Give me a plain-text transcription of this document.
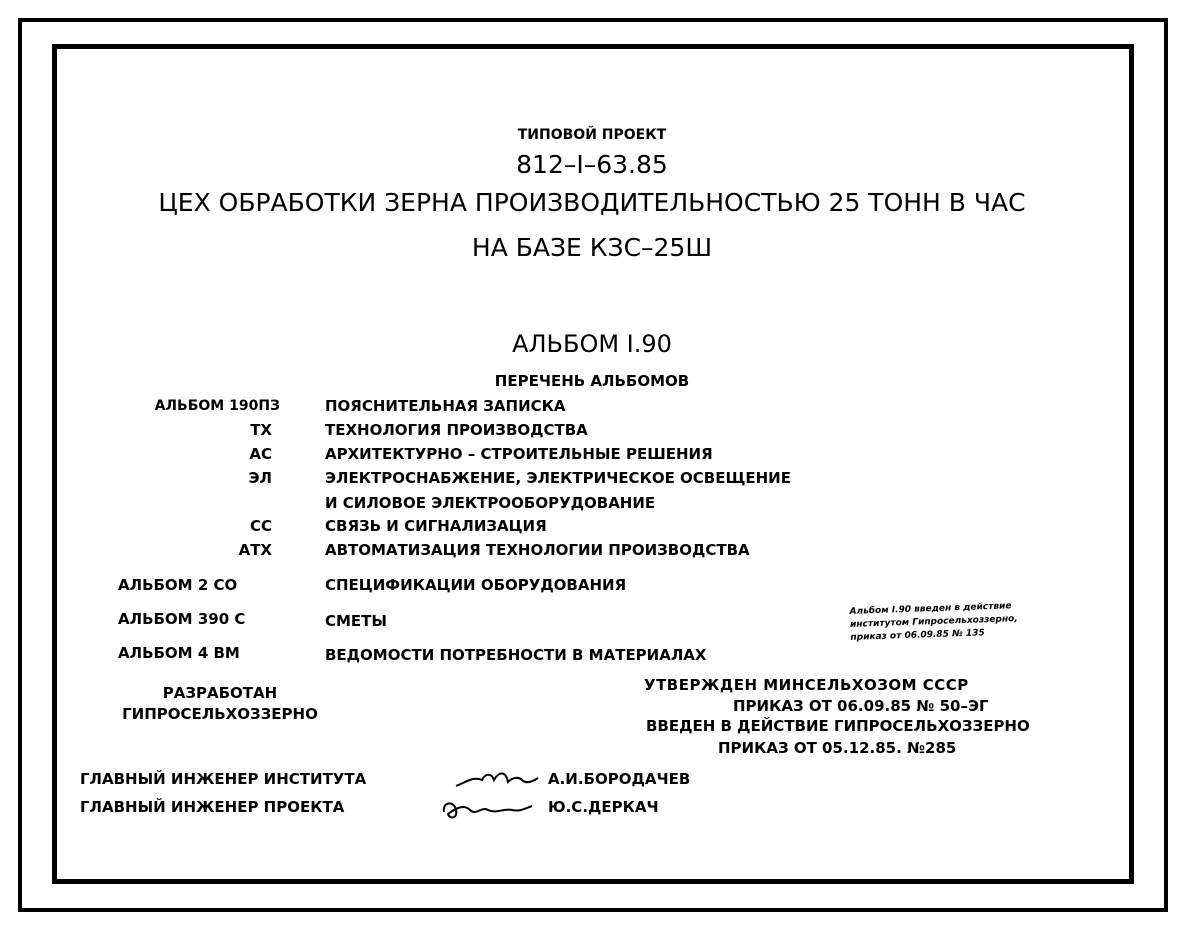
ТИПОВОЙ ПРОЕКТ
812–I–63.85
ЦЕХ ОБРАБОТКИ ЗЕРНА ПРОИЗВОДИТЕЛЬНОСТЬЮ 25 ТОНН В ЧАС
НА БАЗЕ КЗС–25Ш
АЛЬБОМ I.90
ПЕРЕЧЕНЬ АЛЬБОМОВ
АЛЬБОМ 190ПЗ	ПОЯСНИТЕЛЬНАЯ ЗАПИСКА
ТХ	ТЕХНОЛОГИЯ ПРОИЗВОДСТВА
АС	АРХИТЕКТУРНО – СТРОИТЕЛЬНЫЕ РЕШЕНИЯ
ЭЛ	ЭЛЕКТРОСНАБЖЕНИЕ, ЭЛЕКТРИЧЕСКОЕ ОСВЕЩЕНИЕ
И СИЛОВОЕ ЭЛЕКТРООБОРУДОВАНИЕ
СС	СВЯЗЬ И СИГНАЛИЗАЦИЯ
АТХ	АВТОМАТИЗАЦИЯ ТЕХНОЛОГИИ ПРОИЗВОДСТВА
АЛЬБОМ 2 СО	СПЕЦИФИКАЦИИ ОБОРУДОВАНИЯ
АЛЬБОМ 390 С	СМЕТЫ
АЛЬБОМ 4 ВМ	ВЕДОМОСТИ ПОТРЕБНОСТИ В МАТЕРИАЛАХ
Альбом I.90 введен в действие
институтом Гипросельхоззерно,
приказ от 06.09.85 № 135
РАЗРАБОТАН
ГИПРОСЕЛЬХОЗЗЕРНО
УТВЕРЖДЕН МИНСЕЛЬХОЗОМ СССР
ПРИКАЗ ОТ 06.09.85 № 50–ЭГ
ВВЕДЕН В ДЕЙСТВИЕ ГИПРОСЕЛЬХОЗЗЕРНО
ПРИКАЗ ОТ 05.12.85. №285
ГЛАВНЫЙ ИНЖЕНЕР ИНСТИТУТА	А.И.БОРОДАЧЕВ
ГЛАВНЫЙ ИНЖЕНЕР ПРОЕКТА	Ю.С.ДЕРКАЧ
